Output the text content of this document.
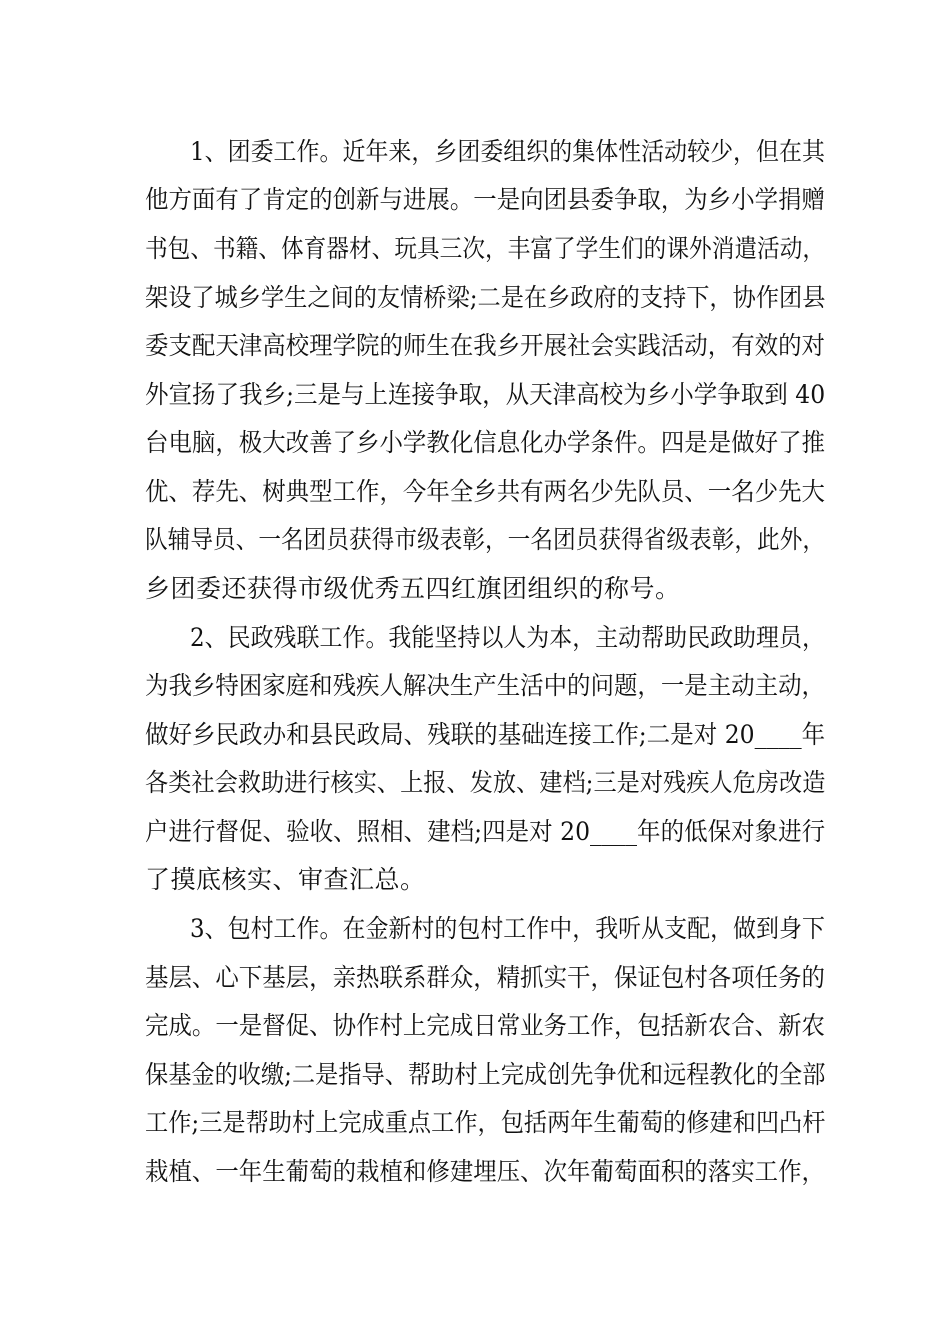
1、团委工作。近年来，乡团委组织的集体性活动较少，但在其
他方面有了肯定的创新与进展。一是向团县委争取，为乡小学捐赠
书包、书籍、体育器材、玩具三次，丰富了学生们的课外消遣活动，
架设了城乡学生之间的友情桥梁;二是在乡政府的支持下，协作团县
委支配天津高校理学院的师生在我乡开展社会实践活动，有效的对
外宣扬了我乡;三是与上连接争取，从天津高校为乡小学争取到 40
台电脑，极大改善了乡小学教化信息化办学条件。四是是做好了推
优、荐先、树典型工作，今年全乡共有两名少先队员、一名少先大
队辅导员、一名团员获得市级表彰，一名团员获得省级表彰，此外，
乡团委还获得市级优秀五四红旗团组织的称号。
2、民政残联工作。我能坚持以人为本，主动帮助民政助理员，
为我乡特困家庭和残疾人解决生产生活中的问题，一是主动主动，
做好乡民政办和县民政局、残联的基础连接工作;二是对 20____年
各类社会救助进行核实、上报、发放、建档;三是对残疾人危房改造
户进行督促、验收、照相、建档;四是对 20____年的低保对象进行
了摸底核实、审查汇总。
3、包村工作。在金新村的包村工作中，我听从支配，做到身下
基层、心下基层，亲热联系群众，精抓实干，保证包村各项任务的
完成。一是督促、协作村上完成日常业务工作，包括新农合、新农
保基金的收缴;二是指导、帮助村上完成创先争优和远程教化的全部
工作;三是帮助村上完成重点工作，包括两年生葡萄的修建和凹凸杆
栽植、一年生葡萄的栽植和修建埋压、次年葡萄面积的落实工作，
